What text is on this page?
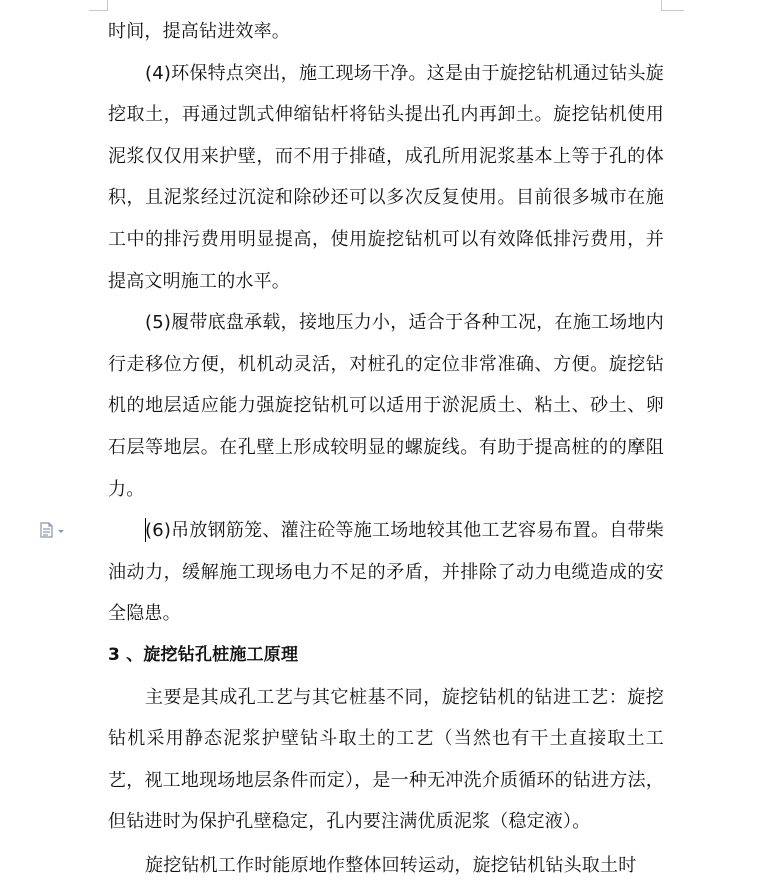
时间，提高钻进效率。

(4)环保特点突出，施工现场干净。这是由于旋挖钻机通过钻头旋挖取土，再通过凯式伸缩钻杆将钻头提出孔内再卸土。旋挖钻机使用泥浆仅仅用来护壁，而不用于排碴，成孔所用泥浆基本上等于孔的体积，且泥浆经过沉淀和除砂还可以多次反复使用。目前很多城市在施工中的排污费用明显提高，使用旋挖钻机可以有效降低排污费用，并提高文明施工的水平。

(5)履带底盘承载，接地压力小，适合于各种工况，在施工场地内行走移位方便，机机动灵活，对桩孔的定位非常准确、方便。旋挖钻机的地层适应能力强旋挖钻机可以适用于淤泥质土、粘土、砂土、卵石层等地层。在孔壁上形成较明显的螺旋线。有助于提高桩的的摩阻力。

(6)吊放钢筋笼、灌注砼等施工场地较其他工艺容易布置。自带柴油动力，缓解施工现场电力不足的矛盾，并排除了动力电缆造成的安全隐患。

3 、旋挖钻孔桩施工原理

主要是其成孔工艺与其它桩基不同，旋挖钻机的钻进工艺：旋挖钻机采用静态泥浆护壁钻斗取土的工艺（当然也有干土直接取土工艺，视工地现场地层条件而定），是一种无冲洗介质循环的钻进方法，但钻进时为保护孔壁稳定，孔内要注满优质泥浆（稳定液）。

旋挖钻机工作时能原地作整体回转运动，旋挖钻机钻头取土时
